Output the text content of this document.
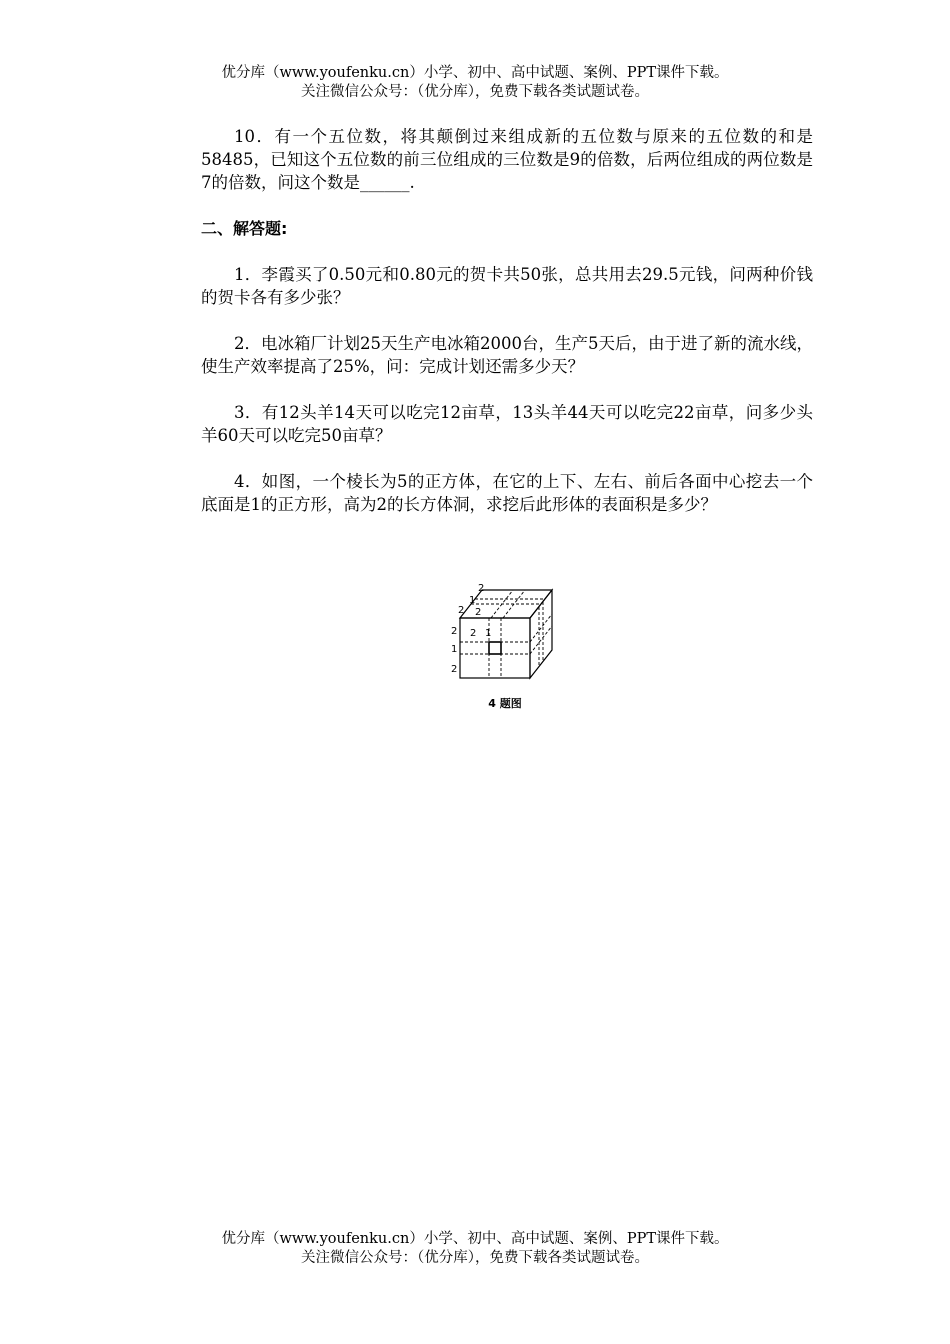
优分库（www.youfenku.cn）小学、初中、高中试题、案例、PPT课件下载。
关注微信公众号：（优分库），免费下载各类试题试卷。

10．有一个五位数，将其颠倒过来组成新的五位数与原来的五位数的和是58485，已知这个五位数的前三位组成的三位数是9的倍数，后两位组成的两位数是7的倍数，问这个数是______.

二、解答题:

1．李霞买了0.50元和0.80元的贺卡共50张，总共用去29.5元钱，问两种价钱的贺卡各有多少张？

2．电冰箱厂计划25天生产电冰箱2000台，生产5天后，由于进了新的流水线，使生产效率提高了25%，问：完成计划还需多少天？

3．有12头羊14天可以吃完12亩草，13头羊44天可以吃完22亩草，问多少头羊60天可以吃完50亩草？

4．如图，一个棱长为5的正方体，在它的上下、左右、前后各面中心挖去一个底面是1的正方形，高为2的长方体洞，求挖后此形体的表面积是多少？

2
1
2 2
2
1
2
2 1
4 题图
优分库（www.youfenku.cn）小学、初中、高中试题、案例、PPT课件下载。
关注微信公众号：（优分库），免费下载各类试题试卷。
